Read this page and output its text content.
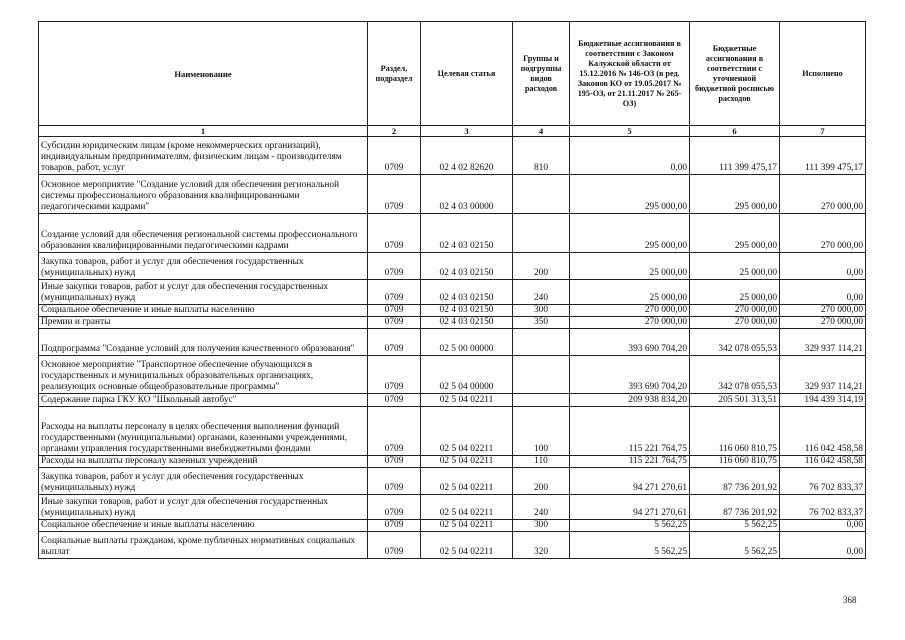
Наименование	Раздел, подраздел	Целевая статья	Группы и подгруппы видов расходов	Бюджетные ассигнования в соответствии с Законом Калужской области от 15.12.2016 № 146-ОЗ (в ред. Законов КО от 19.05.2017 № 195-ОЗ, от 21.11.2017 № 265-ОЗ)	Бюджетные ассигнования в соответствии с уточненной бюджетной росписью расходов	Исполнено
1	2	3	4	5	6	7
Субсидии юридическим лицам (кроме некоммерческих организаций), индивидуальным предпринимателям, физическим лицам - производителям товаров, работ, услуг	0709	02 4 02 82620	810	0,00	111 399 475,17	111 399 475,17
Основное мероприятие "Создание условий для обеспечения региональной системы профессионального образования квалифицированными педагогическими кадрами"	0709	02 4 03 00000		295 000,00	295 000,00	270 000,00
Создание условий для обеспечения региональной системы профессионального образования квалифицированными педагогическими кадрами	0709	02 4 03 02150		295 000,00	295 000,00	270 000,00
Закупка товаров, работ и услуг для обеспечения государственных (муниципальных) нужд	0709	02 4 03 02150	200	25 000,00	25 000,00	0,00
Иные закупки товаров, работ и услуг для обеспечения государственных (муниципальных) нужд	0709	02 4 03 02150	240	25 000,00	25 000,00	0,00
Социальное обеспечение и иные выплаты населению	0709	02 4 03 02150	300	270 000,00	270 000,00	270 000,00
Премии и гранты	0709	02 4 03 02150	350	270 000,00	270 000,00	270 000,00
Подпрограмма "Создание условий для получения качественного образования"	0709	02 5 00 00000		393 690 704,20	342 078 055,53	329 937 114,21
Основное мероприятие "Транспортное обеспечение обучающихся в государственных и муниципальных образовательных организациях, реализующих основные общеобразовательные программы"	0709	02 5 04 00000		393 690 704,20	342 078 055,53	329 937 114,21
Содержание парка ГКУ КО "Школьный автобус"	0709	02 5 04 02211		209 938 834,20	205 501 313,51	194 439 314,19
Расходы на выплаты персоналу в целях обеспечения выполнения функций государственными (муниципальными) органами, казенными учреждениями, органами управления государственными внебюджетными фондами	0709	02 5 04 02211	100	115 221 764,75	116 060 810,75	116 042 458,58
Расходы на выплаты персоналу казенных учреждений	0709	02 5 04 02211	110	115 221 764,75	116 060 810,75	116 042 458,58
Закупка товаров, работ и услуг для обеспечения государственных (муниципальных) нужд	0709	02 5 04 02211	200	94 271 270,61	87 736 201,92	76 702 833,37
Иные закупки товаров, работ и услуг для обеспечения государственных (муниципальных) нужд	0709	02 5 04 02211	240	94 271 270,61	87 736 201,92	76 702 833,37
Социальное обеспечение и иные выплаты населению	0709	02 5 04 02211	300	5 562,25	5 562,25	0,00
Социальные выплаты гражданам, кроме публичных нормативных социальных выплат	0709	02 5 04 02211	320	5 562,25	5 562,25	0,00
368
